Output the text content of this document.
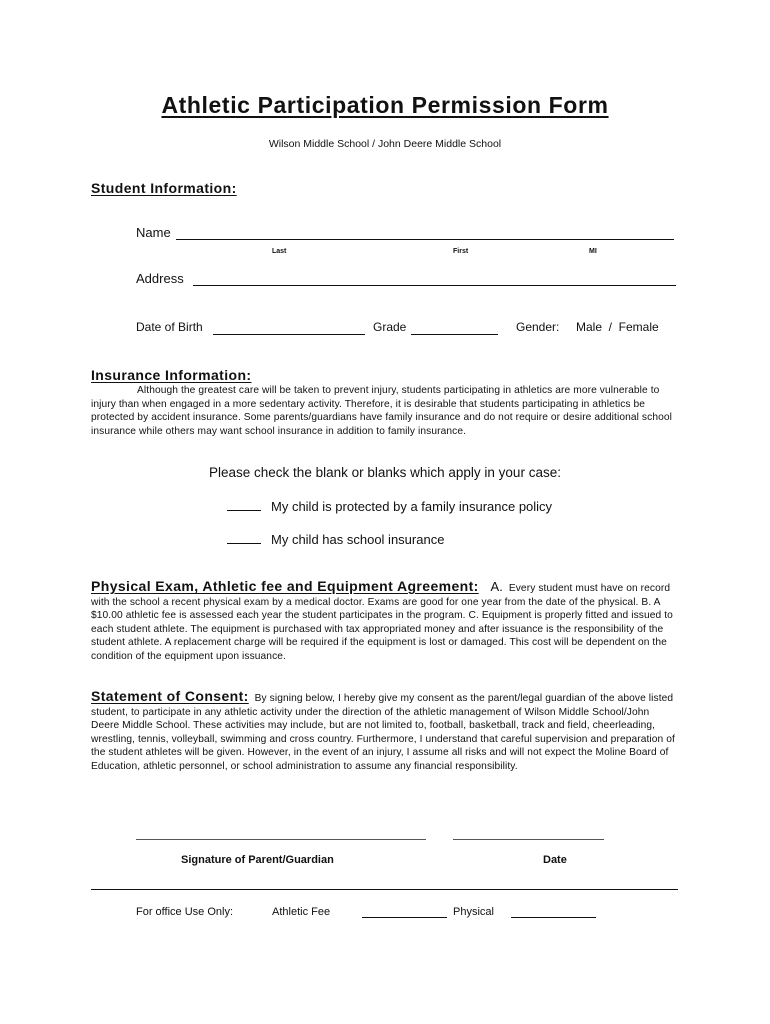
Athletic Participation Permission Form
Wilson Middle School / John Deere Middle School
Student Information:
Name
Last	First	MI
Address
Date of Birth	Grade	Gender: Male  /  Female
Insurance Information:

Although the greatest care will be taken to prevent injury, students participating in athletics are more vulnerable to injury than when engaged in a more sedentary activity. Therefore, it is desirable that students participating in athletics be protected by accident insurance. Some parents/guardians have family insurance and do not require or desire additional school insurance while others may want school insurance in addition to family insurance.

Please check the blank or blanks which apply in your case:
My child is protected by a family insurance policy
My child has school insurance

Physical Exam, Athletic fee and Equipment Agreement: A. Every student must have on record with the school a recent physical exam by a medical doctor. Exams are good for one year from the date of the physical. B. A $10.00 athletic fee is assessed each year the student participates in the program. C. Equipment is properly fitted and issued to each student athlete. The equipment is purchased with tax appropriated money and after issuance is the responsibility of the student athlete. A replacement charge will be required if the equipment is lost or damaged. This cost will be dependent on the condition of the equipment upon issuance.

Statement of Consent: By signing below, I hereby give my consent as the parent/legal guardian of the above listed student, to participate in any athletic activity under the direction of the athletic management of Wilson Middle School/John Deere Middle School. These activities may include, but are not limited to, football, basketball, track and field, cheerleading, wrestling, tennis, volleyball, swimming and cross country. Furthermore, I understand that careful supervision and preparation of the student athletes will be given. However, in the event of an injury, I assume all risks and will not expect the Moline Board of Education, athletic personnel, or school administration to assume any financial responsibility.

Signature of Parent/Guardian	Date
For office Use Only:	Athletic Fee	Physical
